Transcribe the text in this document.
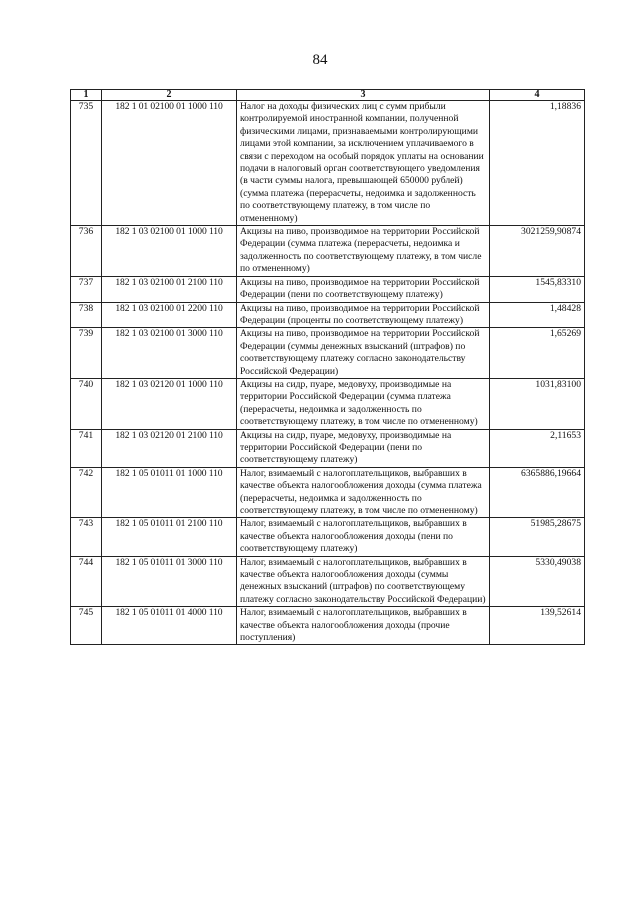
84
1	2	3	4
735	182 1 01 02100 01 1000 110	Налог на доходы физических лиц с сумм прибыли контролируемой иностранной компании, полученной физическими лицами, признаваемыми контролирующими лицами этой компании, за исключением уплачиваемого в связи с переходом на особый порядок уплаты на основании подачи в налоговый орган соответствующего уведомления (в части суммы налога, превышающей 650000 рублей) (сумма платежа (перерасчеты, недоимка и задолженность по соответствующему платежу, в том числе по отмененному)	1,18836
736	182 1 03 02100 01 1000 110	Акцизы на пиво, производимое на территории Российской Федерации (сумма платежа (перерасчеты, недоимка и задолженность по соответствующему платежу, в том числе по отмененному)	3021259,90874
737	182 1 03 02100 01 2100 110	Акцизы на пиво, производимое на территории Российской Федерации (пени по соответствующему платежу)	1545,83310
738	182 1 03 02100 01 2200 110	Акцизы на пиво, производимое на территории Российской Федерации (проценты по соответствующему платежу)	1,48428
739	182 1 03 02100 01 3000 110	Акцизы на пиво, производимое на территории Российской Федерации (суммы денежных взысканий (штрафов) по соответствующему платежу согласно законодательству Российской Федерации)	1,65269
740	182 1 03 02120 01 1000 110	Акцизы на сидр, пуаре, медовуху, производимые на территории Российской Федерации (сумма платежа (перерасчеты, недоимка и задолженность по соответствующему платежу, в том числе по отмененному)	1031,83100
741	182 1 03 02120 01 2100 110	Акцизы на сидр, пуаре, медовуху, производимые на территории Российской Федерации (пени по соответствующему платежу)	2,11653
742	182 1 05 01011 01 1000 110	Налог, взимаемый с налогоплательщиков, выбравших в качестве объекта налогообложения доходы (сумма платежа (перерасчеты, недоимка и задолженность по соответствующему платежу, в том числе по отмененному)	6365886,19664
743	182 1 05 01011 01 2100 110	Налог, взимаемый с налогоплательщиков, выбравших в качестве объекта налогообложения доходы (пени по соответствующему платежу)	51985,28675
744	182 1 05 01011 01 3000 110	Налог, взимаемый с налогоплательщиков, выбравших в качестве объекта налогообложения доходы (суммы денежных взысканий (штрафов) по соответствующему платежу согласно законодательству Российской Федерации)	5330,49038
745	182 1 05 01011 01 4000 110	Налог, взимаемый с налогоплательщиков, выбравших в качестве объекта налогообложения доходы (прочие поступления)	139,52614
